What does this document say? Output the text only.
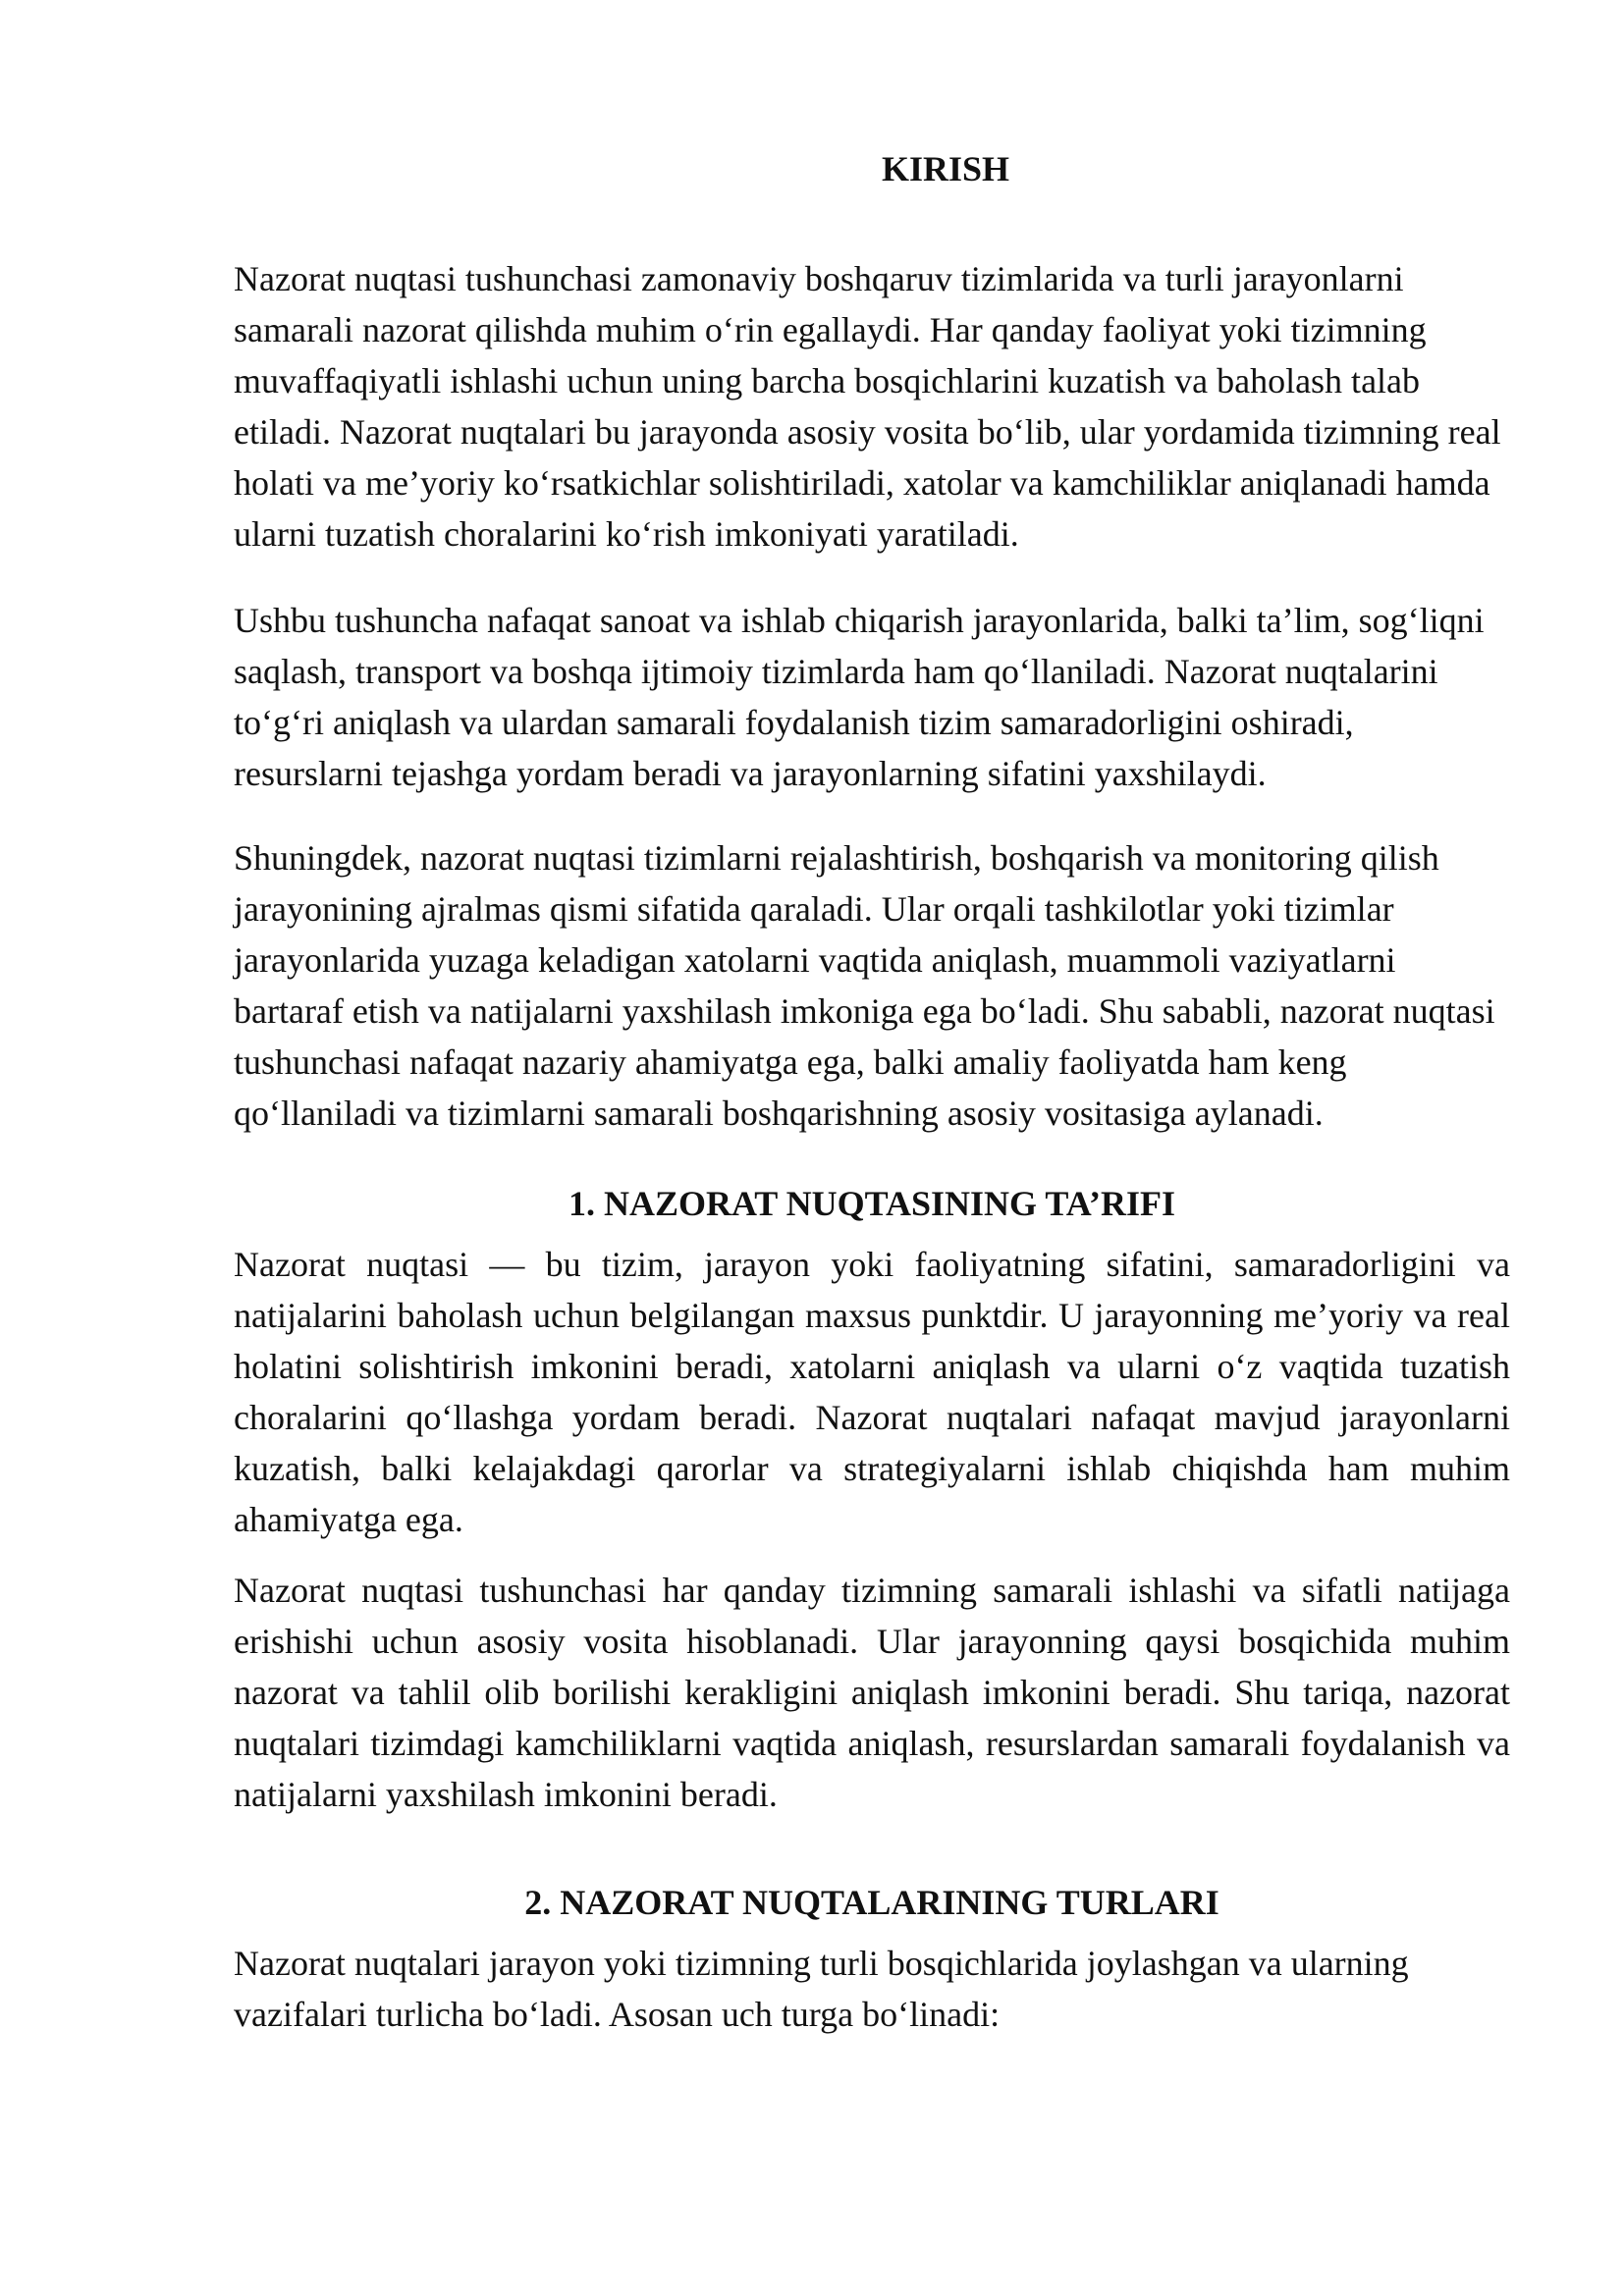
KIRISH

Nazorat nuqtasi tushunchasi zamonaviy boshqaruv tizimlarida va turli jarayonlarni samarali nazorat qilishda muhim o‘rin egallaydi. Har qanday faoliyat yoki tizimning muvaffaqiyatli ishlashi uchun uning barcha bosqichlarini kuzatish va baholash talab etiladi. Nazorat nuqtalari bu jarayonda asosiy vosita bo‘lib, ular yordamida tizimning real holati va me’yoriy ko‘rsatkichlar solishtiriladi, xatolar va kamchiliklar aniqlanadi hamda ularni tuzatish choralarini ko‘rish imkoniyati yaratiladi.

Ushbu tushuncha nafaqat sanoat va ishlab chiqarish jarayonlarida, balki ta’lim, sog‘liqni saqlash, transport va boshqa ijtimoiy tizimlarda ham qo‘llaniladi. Nazorat nuqtalarini to‘g‘ri aniqlash va ulardan samarali foydalanish tizim samaradorligini oshiradi, resurslarni tejashga yordam beradi va jarayonlarning sifatini yaxshilaydi.

Shuningdek, nazorat nuqtasi tizimlarni rejalashtirish, boshqarish va monitoring qilish jarayonining ajralmas qismi sifatida qaraladi. Ular orqali tashkilotlar yoki tizimlar jarayonlarida yuzaga keladigan xatolarni vaqtida aniqlash, muammoli vaziyatlarni bartaraf etish va natijalarni yaxshilash imkoniga ega bo‘ladi. Shu sababli, nazorat nuqtasi tushunchasi nafaqat nazariy ahamiyatga ega, balki amaliy faoliyatda ham keng qo‘llaniladi va tizimlarni samarali boshqarishning asosiy vositasiga aylanadi.

1. NAZORAT NUQTASINING TA’RIFI

Nazorat nuqtasi — bu tizim, jarayon yoki faoliyatning sifatini, samaradorligini va natijalarini baholash uchun belgilangan maxsus punktdir. U jarayonning me’yoriy va real holatini solishtirish imkonini beradi, xatolarni aniqlash va ularni o‘z vaqtida tuzatish choralarini qo‘llashga yordam beradi. Nazorat nuqtalari nafaqat mavjud jarayonlarni kuzatish, balki kelajakdagi qarorlar va strategiyalarni ishlab chiqishda ham muhim ahamiyatga ega.

Nazorat nuqtasi tushunchasi har qanday tizimning samarali ishlashi va sifatli natijaga erishishi uchun asosiy vosita hisoblanadi. Ular jarayonning qaysi bosqichida muhim nazorat va tahlil olib borilishi kerakligini aniqlash imkonini beradi. Shu tariqa, nazorat nuqtalari tizimdagi kamchiliklarni vaqtida aniqlash, resurslardan samarali foydalanish va natijalarni yaxshilash imkonini beradi.

2. NAZORAT NUQTALARINING TURLARI

Nazorat nuqtalari jarayon yoki tizimning turli bosqichlarida joylashgan va ularning vazifalari turlicha bo‘ladi. Asosan uch turga bo‘linadi:
